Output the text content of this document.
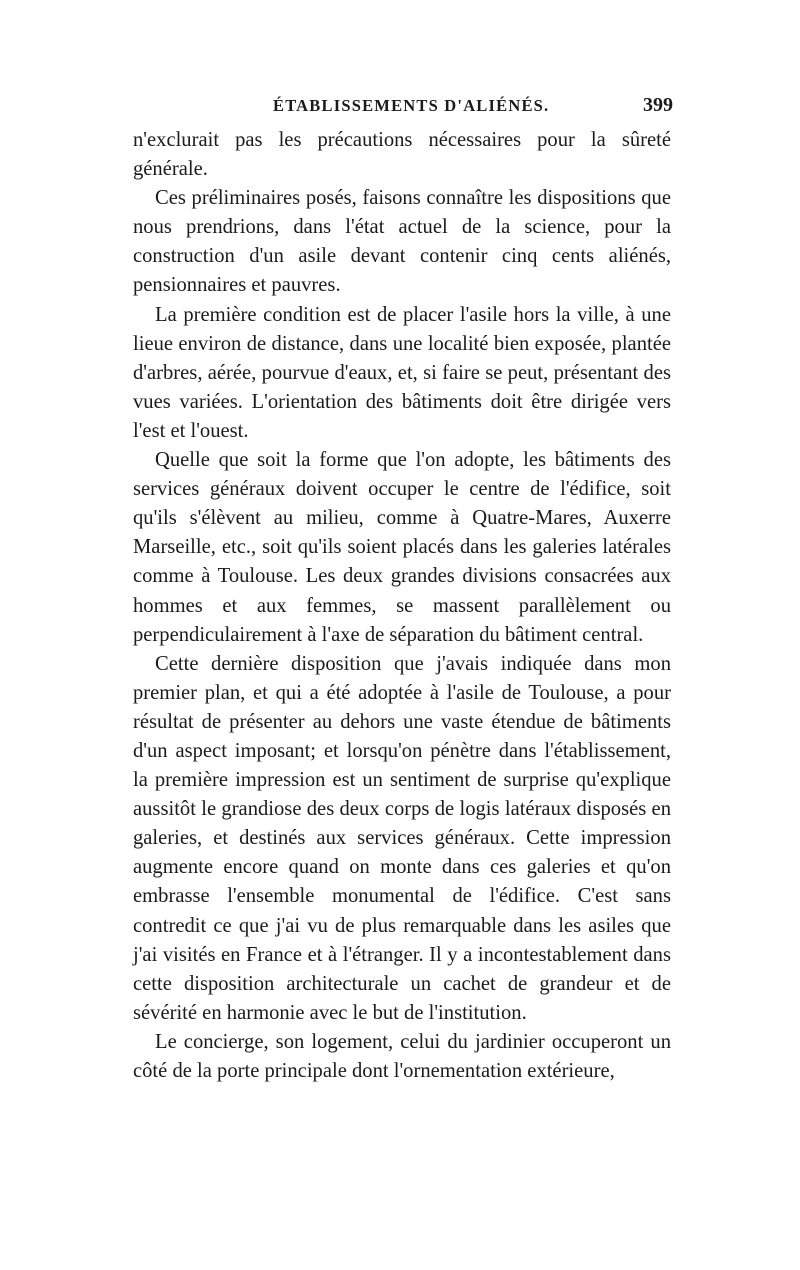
ÉTABLISSEMENTS D'ALIÉNÉS.	399

n'exclurait pas les précautions nécessaires pour la sûreté générale.

Ces préliminaires posés, faisons connaître les dispositions que nous prendrions, dans l'état actuel de la science, pour la construction d'un asile devant contenir cinq cents aliénés, pensionnaires et pauvres.

La première condition est de placer l'asile hors la ville, à une lieue environ de distance, dans une localité bien exposée, plantée d'arbres, aérée, pourvue d'eaux, et, si faire se peut, présentant des vues variées. L'orientation des bâtiments doit être dirigée vers l'est et l'ouest.

Quelle que soit la forme que l'on adopte, les bâtiments des services généraux doivent occuper le centre de l'édifice, soit qu'ils s'élèvent au milieu, comme à Quatre-Mares, Auxerre Marseille, etc., soit qu'ils soient placés dans les galeries latérales comme à Toulouse. Les deux grandes divisions consacrées aux hommes et aux femmes, se massent parallèlement ou perpendiculairement à l'axe de séparation du bâtiment central.

Cette dernière disposition que j'avais indiquée dans mon premier plan, et qui a été adoptée à l'asile de Toulouse, a pour résultat de présenter au dehors une vaste étendue de bâtiments d'un aspect imposant; et lorsqu'on pénètre dans l'établissement, la première impression est un sentiment de surprise qu'explique aussitôt le grandiose des deux corps de logis latéraux disposés en galeries, et destinés aux services généraux. Cette impression augmente encore quand on monte dans ces galeries et qu'on embrasse l'ensemble monumental de l'édifice. C'est sans contredit ce que j'ai vu de plus remarquable dans les asiles que j'ai visités en France et à l'étranger. Il y a incontestablement dans cette disposition architecturale un cachet de grandeur et de sévérité en harmonie avec le but de l'institution.

Le concierge, son logement, celui du jardinier occuperont un côté de la porte principale dont l'ornementation extérieure,
